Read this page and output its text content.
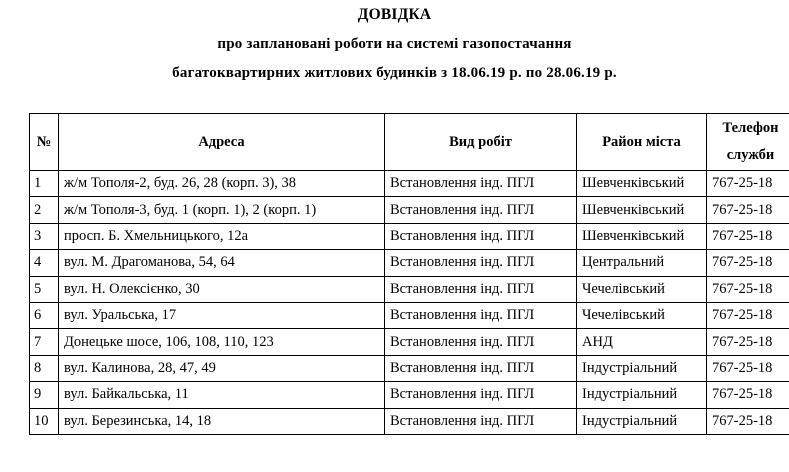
ДОВІДКА
про заплановані роботи на системі газопостачання
багатоквартирних житлових будинків з 18.06.19 р. по 28.06.19 р.
№	Адреса	Вид робіт	Район міста	Телефон
служби
1	ж/м Тополя-2, буд. 26, 28 (корп. 3), 38	Встановлення інд. ПГЛ	Шевченківський	767-25-18
2	ж/м Тополя-3, буд. 1 (корп. 1), 2 (корп. 1)	Встановлення інд. ПГЛ	Шевченківський	767-25-18
3	просп. Б. Хмельницького, 12а	Встановлення інд. ПГЛ	Шевченківський	767-25-18
4	вул. М. Драгоманова, 54, 64	Встановлення інд. ПГЛ	Центральний	767-25-18
5	вул. Н. Олексієнко, 30	Встановлення інд. ПГЛ	Чечелівський	767-25-18
6	вул. Уральська, 17	Встановлення інд. ПГЛ	Чечелівський	767-25-18
7	Донецьке шосе, 106, 108, 110, 123	Встановлення інд. ПГЛ	АНД	767-25-18
8	вул. Калинова, 28, 47, 49	Встановлення інд. ПГЛ	Індустріальний	767-25-18
9	вул. Байкальська, 11	Встановлення інд. ПГЛ	Індустріальний	767-25-18
10	вул. Березинська, 14, 18	Встановлення інд. ПГЛ	Індустріальний	767-25-18
